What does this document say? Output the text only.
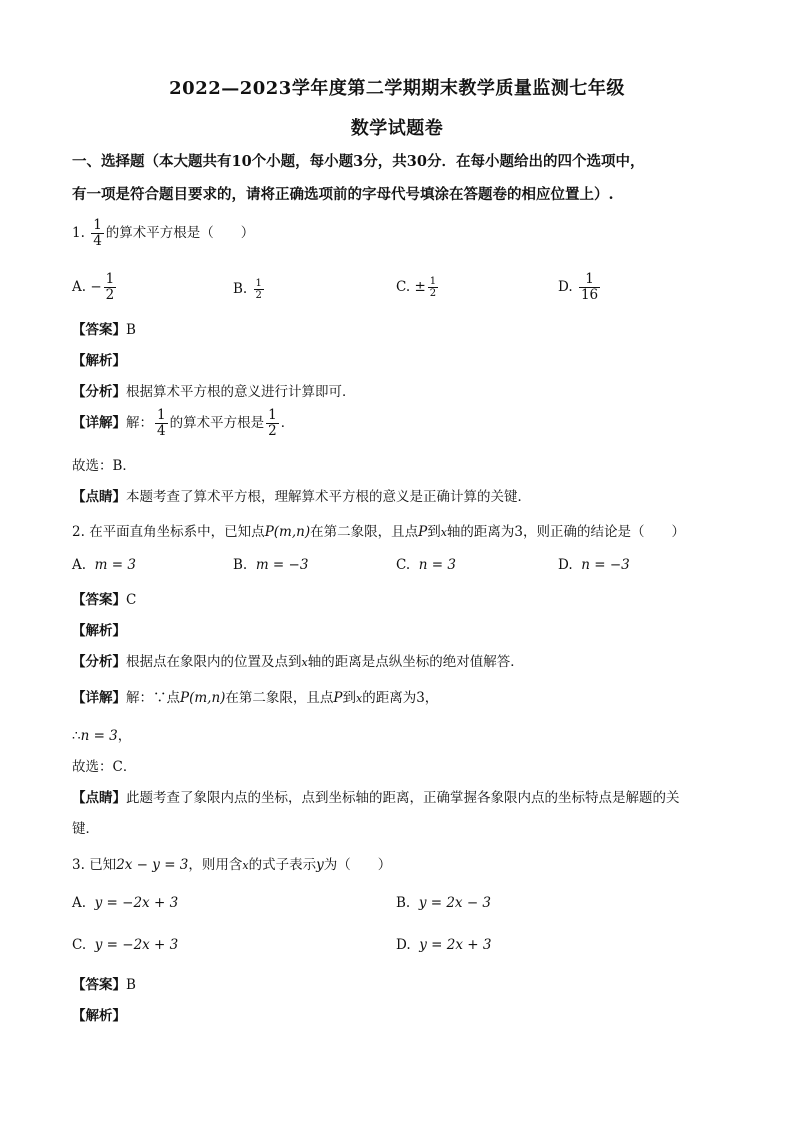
2022—2023学年度第二学期期末教学质量监测七年级
数学试题卷
一、选择题（本大题共有10个小题，每小题3分，共30分．在每小题给出的四个选项中，
有一项是符合题目要求的，请将正确选项前的字母代号填涂在答题卷的相应位置上）.
1. $\frac{1}{4}$ 的算术平方根是（　　）
A. − $\frac{1}{2}$	B. $\frac{1}{2}$	C. ± $\frac{1}{2}$	D. $\frac{1}{16}$
【答案】B
【解析】
【分析】根据算术平方根的意义进行计算即可．
【详解】解： $\frac{1}{4}$ 的算术平方根是 $\frac{1}{2}$ ．
故选：B．
【点睛】本题考查了算术平方根，理解算术平方根的意义是正确计算的关键．
2. 在平面直角坐标系中，已知点P(m,n)在第二象限，且点P到x轴的距离为3，则正确的结论是（　　）
A. m = 3	B. m = −3	C. n = 3	D. n = −3
【答案】C
【解析】
【分析】根据点在象限内的位置及点到x轴的距离是点纵坐标的绝对值解答．
【详解】解：∵点P(m,n)在第二象限，且点P到x的距离为3，
∴n = 3，
故选：C．
【点睛】此题考查了象限内点的坐标，点到坐标轴的距离，正确掌握各象限内点的坐标特点是解题的关
键．
3. 已知2x − y = 3，则用含x的式子表示y为（　　）
A. y = −2x + 3	B. y = 2x − 3
C. y = −2x + 3	D. y = 2x + 3
【答案】B
【解析】
